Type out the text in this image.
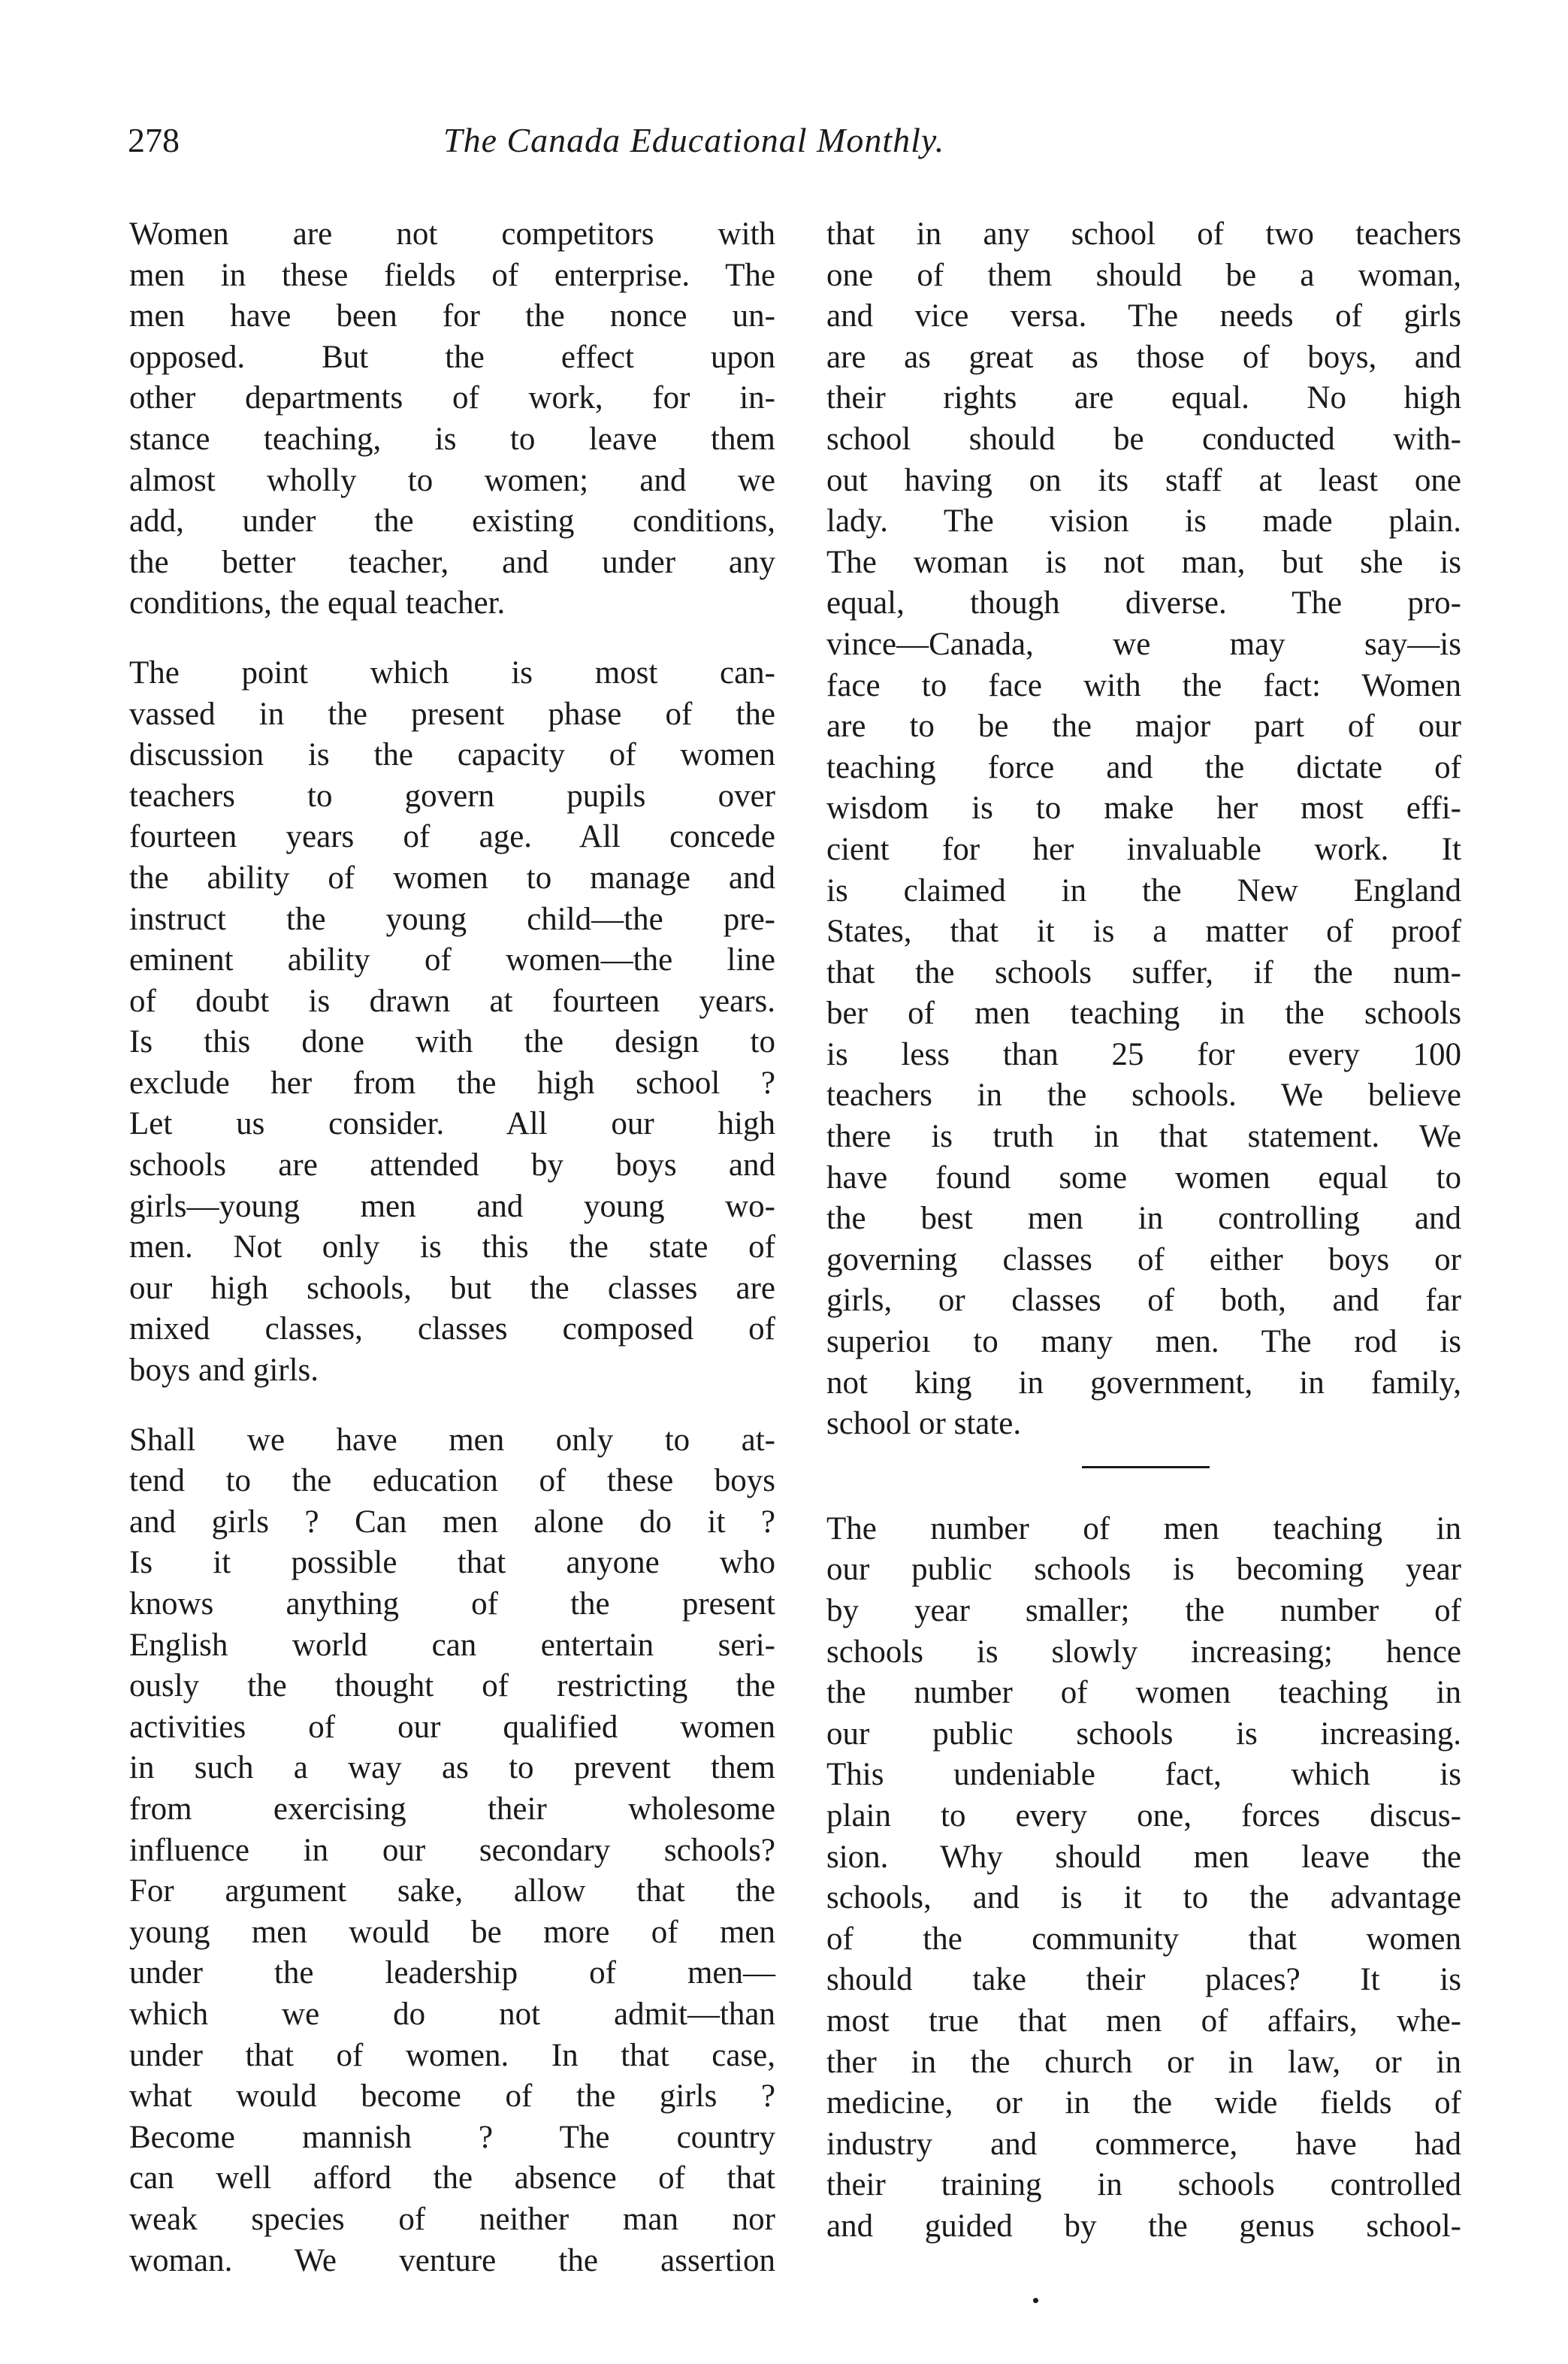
278	The Canada Educational Monthly.
Women are not competitors with
men in these fields of enterprise. The
men have been for the nonce un-
opposed. But the effect upon
other departments of work, for in-
stance teaching, is to leave them
almost wholly to women; and we
add, under the existing conditions,
the better teacher, and under any
conditions, the equal teacher.
The point which is most can-
vassed in the present phase of the
discussion is the capacity of women
teachers to govern pupils over
fourteen years of age. All concede
the ability of women to manage and
instruct the young child—the pre-
eminent ability of women—the line
of doubt is drawn at fourteen years.
Is this done with the design to
exclude her from the high school ?
Let us consider. All our high
schools are attended by boys and
girls—young men and young wo-
men. Not only is this the state of
our high schools, but the classes are
mixed classes, classes composed of
boys and girls.
Shall we have men only to at-
tend to the education of these boys
and girls ? Can men alone do it ?
Is it possible that anyone who
knows anything of the present
English world can entertain seri-
ously the thought of restricting the
activities of our qualified women
in such a way as to prevent them
from exercising their wholesome
influence in our secondary schools?
For argument sake, allow that the
young men would be more of men
under the leadership of men—
which we do not admit—than
under that of women. In that case,
what would become of the girls ?
Become mannish ? The country
can well afford the absence of that
weak species of neither man nor
woman. We venture the assertion
that in any school of two teachers
one of them should be a woman,
and vice versa. The needs of girls
are as great as those of boys, and
their rights are equal. No high
school should be conducted with-
out having on its staff at least one
lady. The vision is made plain.
The woman is not man, but she is
equal, though diverse. The pro-
vince—Canada, we may say—is
face to face with the fact: Women
are to be the major part of our
teaching force and the dictate of
wisdom is to make her most effi-
cient for her invaluable work. It
is claimed in the New England
States, that it is a matter of proof
that the schools suffer, if the num-
ber of men teaching in the schools
is less than 25 for every 100
teachers in the schools. We believe
there is truth in that statement. We
have found some women equal to
the best men in controlling and
governing classes of either boys or
girls, or classes of both, and far
superioı to many men. The rod is
not king in government, in family,
school or state.
The number of men teaching in
our public schools is becoming year
by year smaller; the number of
schools is slowly increasing; hence
the number of women teaching in
our public schools is increasing.
This undeniable fact, which is
plain to every one, forces discus-
sion. Why should men leave the
schools, and is it to the advantage
of the community that women
should take their places? It is
most true that men of affairs, whe-
ther in the church or in law, or in
medicine, or in the wide fields of
industry and commerce, have had
their training in schools controlled
and guided by the genus school-
